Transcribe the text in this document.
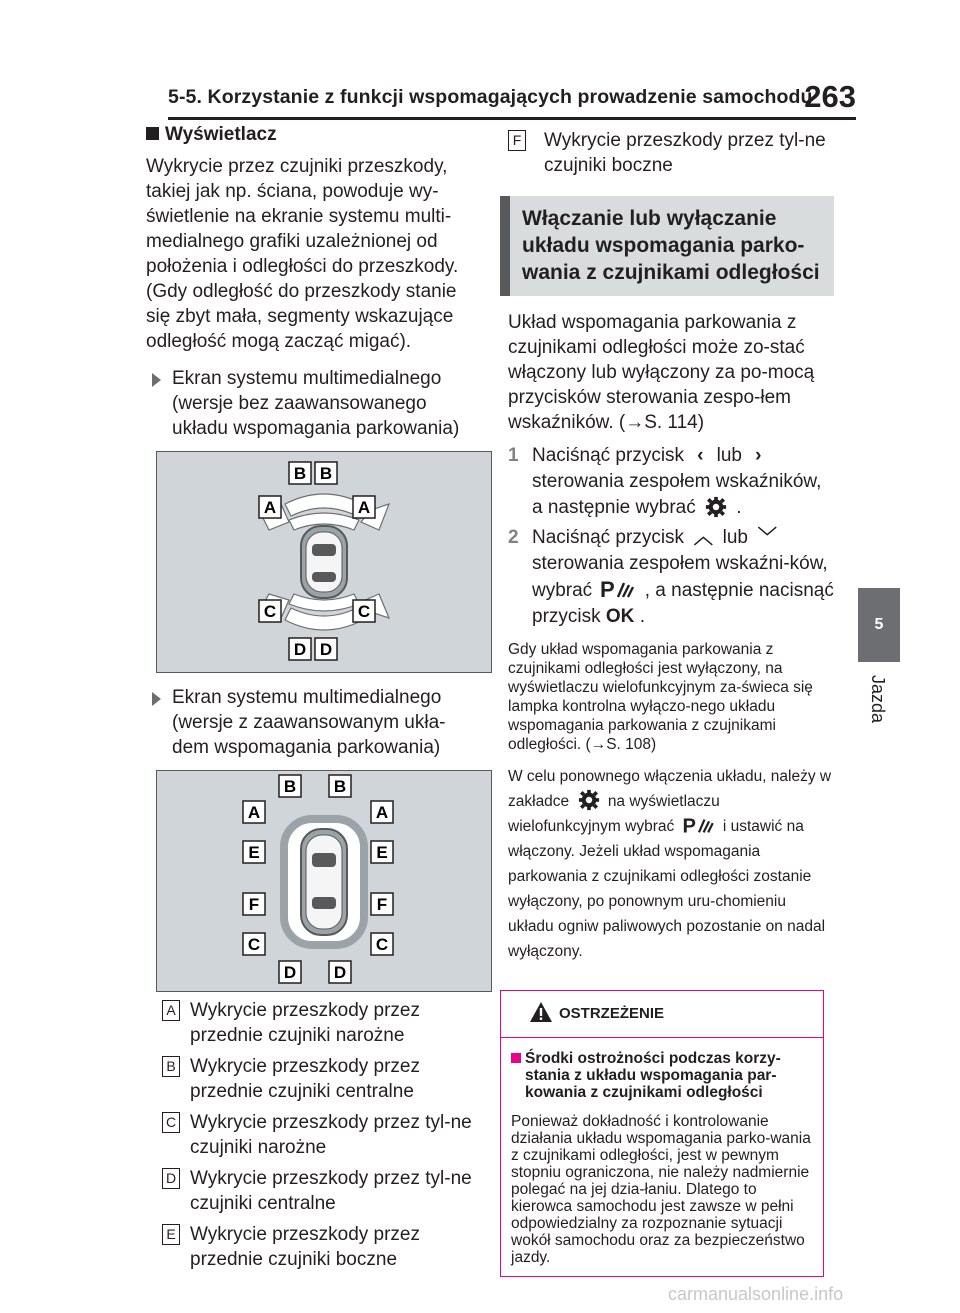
5-5. Korzystanie z funkcji wspomagających prowadzenie samochodu
263
5
Jazda
Wyświetlacz

Wykrycie przez czujniki przeszkody, takiej jak np. ściana, powoduje wy-świetlenie na ekranie systemu multi-medialnego grafiki uzależnionej od położenia i odległości do przeszkody. (Gdy odległość do przeszkody stanie się zbyt mała, segmenty wskazujące odległość mogą zacząć migać).

Ekran systemu multimedialnego (wersje bez zaawansowanego układu wspomagania parkowania)
B B
A	A
C	C
D D
Ekran systemu multimedialnego (wersje z zaawansowanym ukła-dem wspomagania parkowania)
B B
A	A
E	E
F	F
C	C
D D
A Wykrycie przeszkody przez przednie czujniki narożne
B Wykrycie przeszkody przez przednie czujniki centralne
C Wykrycie przeszkody przez tyl-ne czujniki narożne
D Wykrycie przeszkody przez tyl-ne czujniki centralne
E Wykrycie przeszkody przez przednie czujniki boczne
F Wykrycie przeszkody przez tyl-ne czujniki boczne
Włączanie lub wyłączanie układu wspomagania parko-wania z czujnikami odległości

Układ wspomagania parkowania z czujnikami odległości może zo-stać włączony lub wyłączony za po-mocą przycisków sterowania zespo-łem wskaźników. (→S. 114)

1 Naciśnąć przycisk ‹ lub › sterowania zespołem wskaźników, a następnie wybrać .
2 Naciśnąć przycisk ︿ lub ﹀ sterowania zespołem wskaźni-ków, wybrać P , a następnie nacisnąć przycisk OK .

Gdy układ wspomagania parkowania z czujnikami odległości jest wyłączony, na wyświetlaczu wielofunkcyjnym za-świeca się lampka kontrolna wyłączo-nego układu wspomagania parkowania z czujnikami odległości. (→S. 108)

W celu ponownego włączenia układu, należy w zakładce na wyświetlaczu wielofunkcyjnym wybrać P i ustawić na włączony. Jeżeli układ wspomagania parkowania z czujnikami odległości zostanie wyłączony, po ponownym uru-chomieniu układu ogniw paliwowych pozostanie on nadal wyłączony.

OSTRZEŻENIE
Środki ostrożności podczas korzy-stania z układu wspomagania par-kowania z czujnikami odległości
Ponieważ dokładność i kontrolowanie działania układu wspomagania parko-wania z czujnikami odległości, jest w pewnym stopniu ograniczona, nie należy nadmiernie polegać na jej dzia-łaniu. Dlatego to kierowca samochodu jest zawsze w pełni odpowiedzialny za rozpoznanie sytuacji wokół samochodu oraz za bezpieczeństwo jazdy.
carmanualsonline.info
